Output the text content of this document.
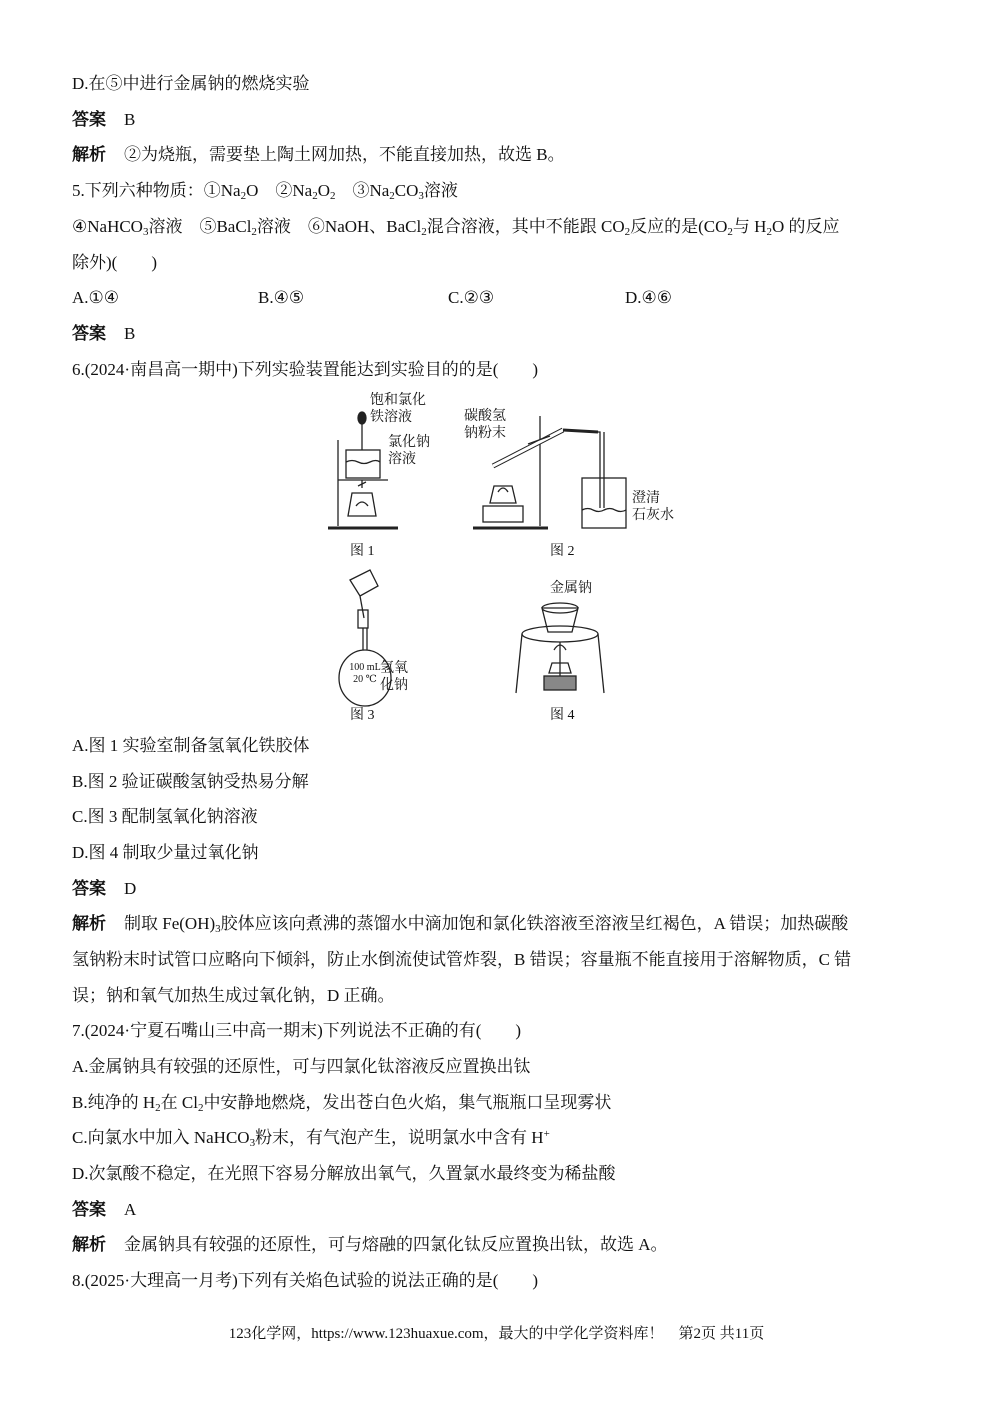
D.在⑤中进行金属钠的燃烧实验
答案 B
解析 ②为烧瓶，需要垫上陶土网加热，不能直接加热，故选 B。
5.下列六种物质：$①Na_2O$　$②Na_2O_2$　$③Na_2CO_3$溶液
④NaHCO$_3$溶液　⑤BaCl$_2$溶液　⑥NaOH、BaCl$_2$混合溶液，其中不能跟 $CO_2$反应的是($CO_2$与 $H_2O$ 的反应
除外)(　　)
A.①④	B.④⑤	C.②③	D.④⑥
答案 B
6.(2024·南昌高一期中)下列实验装置能达到实验目的的是(　　)
饱和氯化
铁溶液
氯化钠
溶液
图 1
碳酸氢
钠粉末
澄清
石灰水
图 2
100 mL
20 ℃
氢氧
化钠
图 3
金属钠
图 4
A.图 1 实验室制备氢氧化铁胶体
B.图 2 验证碳酸氢钠受热易分解
C.图 3 配制氢氧化钠溶液
D.图 4 制取少量过氧化钠
答案 D
解析 制取 $Fe(OH)_3$胶体应该向煮沸的蒸馏水中滴加饱和氯化铁溶液至溶液呈红褐色，A 错误；加热碳酸
氢钠粉末时试管口应略向下倾斜，防止水倒流使试管炸裂，B 错误；容量瓶不能直接用于溶解物质，C 错
误；钠和氧气加热生成过氧化钠，D 正确。
7.(2024·宁夏石嘴山三中高一期末)下列说法不正确的有(　　)
A.金属钠具有较强的还原性，可与四氯化钛溶液反应置换出钛
B.纯净的 $H_2$在 $Cl_2$中安静地燃烧，发出苍白色火焰，集气瓶瓶口呈现雾状
C.向氯水中加入 NaHCO$_3$粉末，有气泡产生，说明氯水中含有 H+
D.次氯酸不稳定，在光照下容易分解放出氧气，久置氯水最终变为稀盐酸
答案 A
解析 金属钠具有较强的还原性，可与熔融的四氯化钛反应置换出钛，故选 A。
8.(2025·大理高一月考)下列有关焰色试验的说法正确的是(　　)
123化学网，https://www.123huaxue.com，最大的中学化学资料库！　第2页 共11页
